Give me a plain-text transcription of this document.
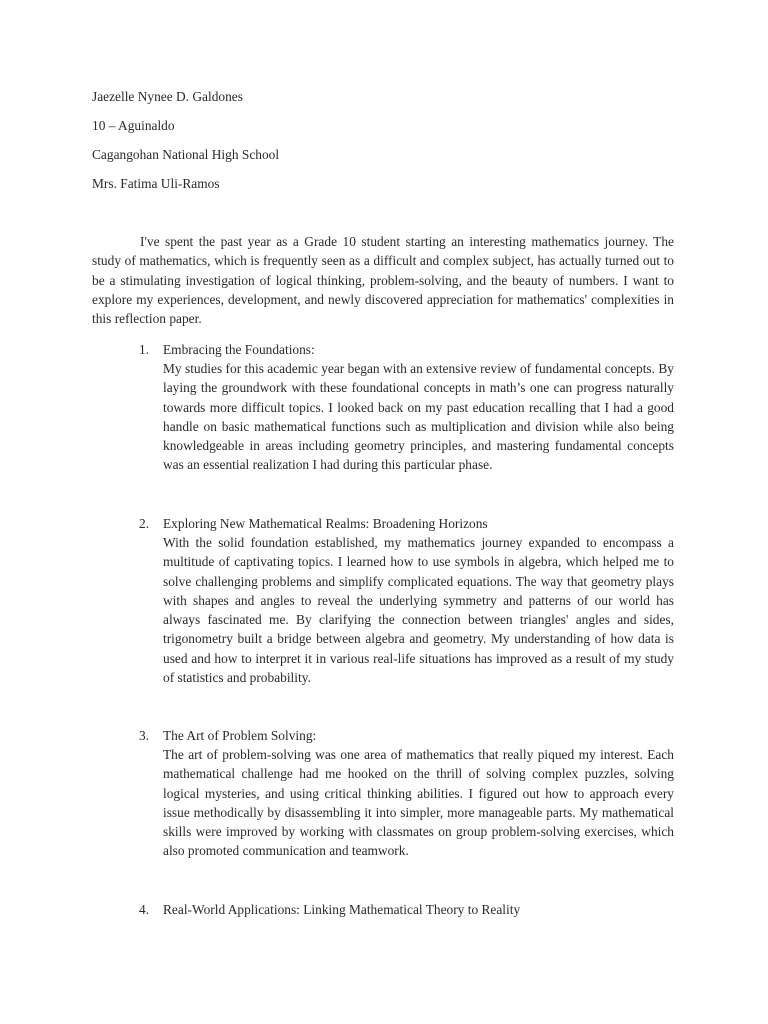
Jaezelle Nynee D. Galdones
10 – Aguinaldo
Cagangohan National High School
Mrs. Fatima Uli-Ramos

I've spent the past year as a Grade 10 student starting an interesting mathematics journey. The study of mathematics, which is frequently seen as a difficult and complex subject, has actually turned out to be a stimulating investigation of logical thinking, problem-solving, and the beauty of numbers. I want to explore my experiences, development, and newly discovered appreciation for mathematics' complexities in this reflection paper.

1. Embracing the Foundations:

My studies for this academic year began with an extensive review of fundamental concepts. By laying the groundwork with these foundational concepts in math’s one can progress naturally towards more difficult topics. I looked back on my past education recalling that I had a good handle on basic mathematical functions such as multiplication and division while also being knowledgeable in areas including geometry principles, and mastering fundamental concepts was an essential realization I had during this particular phase.

2. Exploring New Mathematical Realms: Broadening Horizons

With the solid foundation established, my mathematics journey expanded to encompass a multitude of captivating topics. I learned how to use symbols in algebra, which helped me to solve challenging problems and simplify complicated equations. The way that geometry plays with shapes and angles to reveal the underlying symmetry and patterns of our world has always fascinated me. By clarifying the connection between triangles' angles and sides, trigonometry built a bridge between algebra and geometry. My understanding of how data is used and how to interpret it in various real-life situations has improved as a result of my study of statistics and probability.

3. The Art of Problem Solving:

The art of problem-solving was one area of mathematics that really piqued my interest. Each mathematical challenge had me hooked on the thrill of solving complex puzzles, solving logical mysteries, and using critical thinking abilities. I figured out how to approach every issue methodically by disassembling it into simpler, more manageable parts. My mathematical skills were improved by working with classmates on group problem-solving exercises, which also promoted communication and teamwork.

4. Real-World Applications: Linking Mathematical Theory to Reality
